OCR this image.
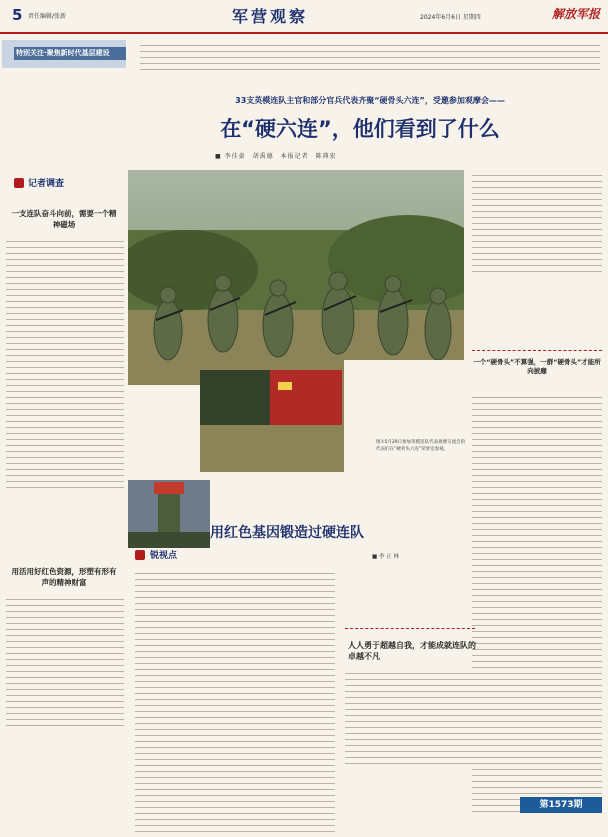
5 责任编辑/张新	军营观察	2024年6月6日 星期四	解放军报
特别关注·聚焦新时代基层建设
33支英模连队主官和部分官兵代表齐聚“硬骨头六连”，受邀参加观摩会——
在“硬六连”，他们看到了什么
■ 李佳豪　胡禹德　本报记者　陈典宏
图①5月29日参加英模连队代表观摩交流会的代表们在“硬骨头六连”荣誉室参观。
一个“硬骨头”不算强，一群“硬骨头”才能所向披靡
记者调查
一支连队奋斗向前，需要一个精神磁场
用活用好红色资源，形塑有形有声的精神财富
锐视点
用红色基因锻造过硬连队
■ 李 正 林
人人勇于超越自我，才能成就连队的卓越不凡
第1573期
